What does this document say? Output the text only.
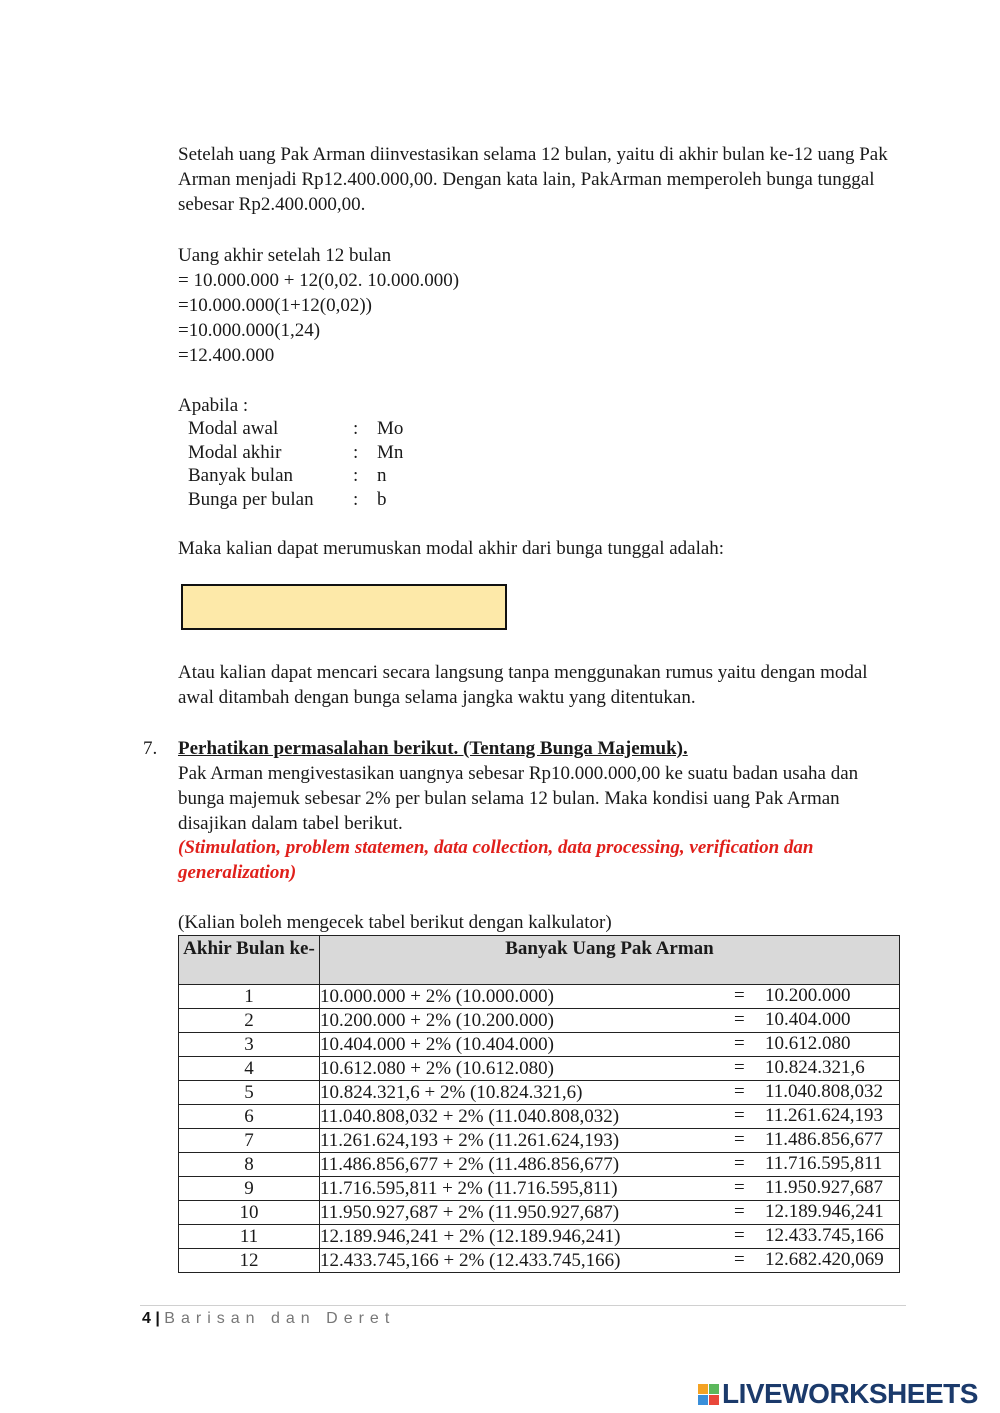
Setelah uang Pak Arman diinvestasikan selama 12 bulan, yaitu di akhir bulan ke-12 uang Pak Arman menjadi Rp12.400.000,00. Dengan kata lain, PakArman memperoleh bunga tunggal sebesar Rp2.400.000,00.
Uang akhir setelah 12 bulan
= 10.000.000 + 12(0,02. 10.000.000)
=10.000.000(1+12(0,02))
=10.000.000(1,24)
=12.400.000
Apabila :
Modal awal	: Mo
Modal akhir	: Mn
Banyak bulan	: n
Bunga per bulan : b
Maka kalian dapat merumuskan modal akhir dari bunga tunggal adalah:
Atau kalian dapat mencari secara langsung tanpa menggunakan rumus yaitu dengan modal awal ditambah dengan bunga selama jangka waktu yang ditentukan.
7. Perhatikan permasalahan berikut. (Tentang Bunga Majemuk).
Pak Arman mengivestasikan uangnya sebesar Rp10.000.000,00 ke suatu badan usaha dan bunga majemuk sebesar 2% per bulan selama 12 bulan. Maka kondisi uang Pak Arman disajikan dalam tabel berikut.
(Stimulation, problem statemen, data collection, data processing, verification dan generalization)
(Kalian boleh mengecek tabel berikut dengan kalkulator)
Akhir Bulan ke-	Banyak Uang Pak Arman
1	10.000.000 + 2% (10.000.000) = 10.200.000

2	10.200.000 + 2% (10.200.000) = 10.404.000

3	10.404.000 + 2% (10.404.000) = 10.612.080

4	10.612.080 + 2% (10.612.080) = 10.824.321,6

5	10.824.321,6 + 2% (10.824.321,6) = 11.040.808,032

6	11.040.808,032 + 2% (11.040.808,032) = 11.261.624,193

7	11.261.624,193 + 2% (11.261.624,193) = 11.486.856,677

8	11.486.856,677 + 2% (11.486.856,677) = 11.716.595,811

9	11.716.595,811 + 2% (11.716.595,811) = 11.950.927,687

10	11.950.927,687 + 2% (11.950.927,687) = 12.189.946,241

11	12.189.946,241 + 2% (12.189.946,241) = 12.433.745,166

12	12.433.745,166 + 2% (12.433.745,166) = 12.682.420,069
4 | Barisan dan Deret
LIVEWORKSHEETS
